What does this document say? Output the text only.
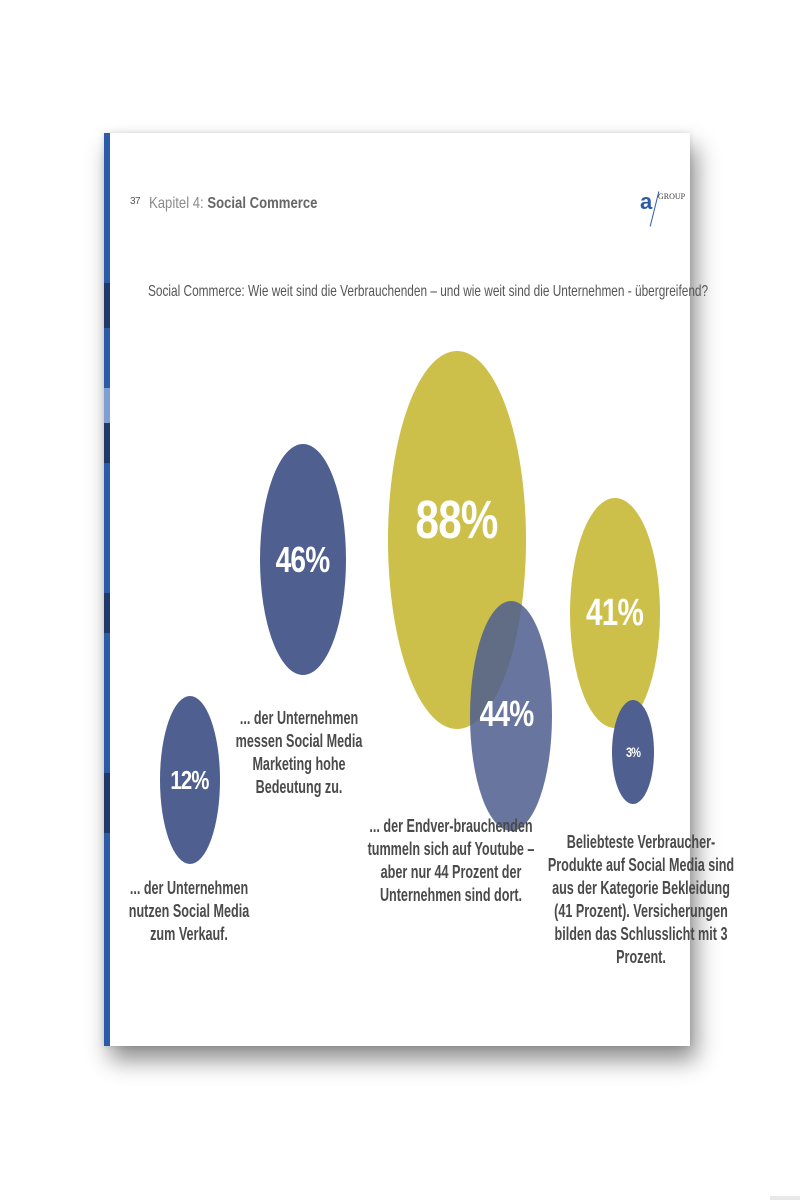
37 Kapitel 4: Social Commerce	a GROUP
Social Commerce: Wie weit sind die Verbrauchenden – und wie weit sind die Unternehmen - übergreifend?
88%
44%
46%
12%
41%
3%
... der Unternehmen messen Social Media Marketing hohe Bedeutung zu.
... der Unternehmen nutzen Social Media zum Verkauf.
... der Endver-brauchenden tummeln sich auf Youtube – aber nur 44 Prozent der Unternehmen sind dort.
Beliebteste Verbraucher-Produkte auf Social Media sind aus der Kategorie Bekleidung (41 Prozent). Versicherungen bilden das Schlusslicht mit 3 Prozent.
